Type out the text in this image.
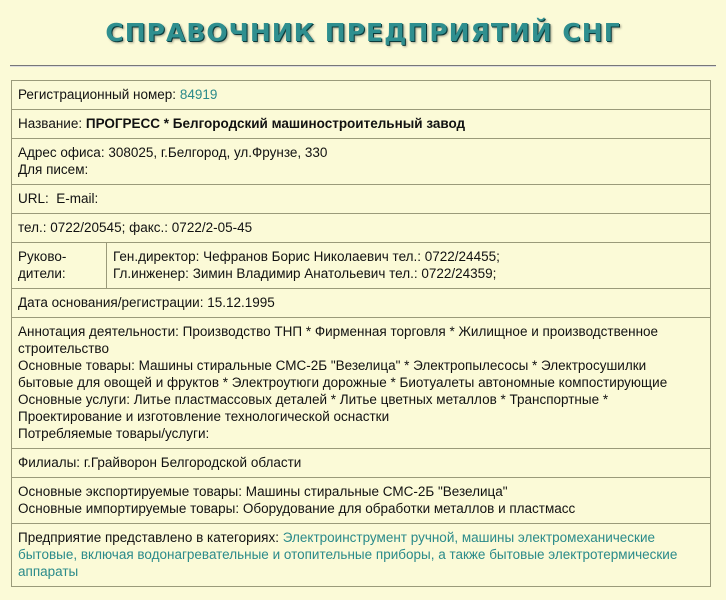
СПРАВОЧНИК ПРЕДПРИЯТИЙ СНГ
Регистрационный номер: 84919
Название: ПРОГРЕСС * Белгородский машиностроительный завод

Адрес офиса: 308025, г.Белгород, ул.Фрунзе, 330
Для писем:

URL: E-mail:
тел.: 0722/20545; факс.: 0722/2-05-45

Руково-
дители:

Ген.директор: Чефранов Борис Николаевич тел.: 0722/24455;
Гл.инженер: Зимин Владимир Анатольевич тел.: 0722/24359;

Дата основания/регистрации: 15.12.1995

Аннотация деятельности: Производство ТНП * Фирменная торговля * Жилищное и производственное строительство
Основные товары: Машины стиральные СМС-2Б "Везелица" * Электропылесосы * Электросушилки бытовые для овощей и фруктов * Электроутюги дорожные * Биотуалеты автономные компостирующие
Основные услуги: Литье пластмассовых деталей * Литье цветных металлов * Транспортные * Проектирование и изготовление технологической оснастки
Потребляемые товары/услуги:

Филиалы: г.Грайворон Белгородской области

Основные экспортируемые товары: Машины стиральные СМС-2Б "Везелица"
Основные импортируемые товары: Оборудование для обработки металлов и пластмасс

Предприятие представлено в категориях: Электроинструмент ручной, машины электромеханические бытовые, включая водонагревательные и отопительные приборы, а также бытовые электротермические аппараты
